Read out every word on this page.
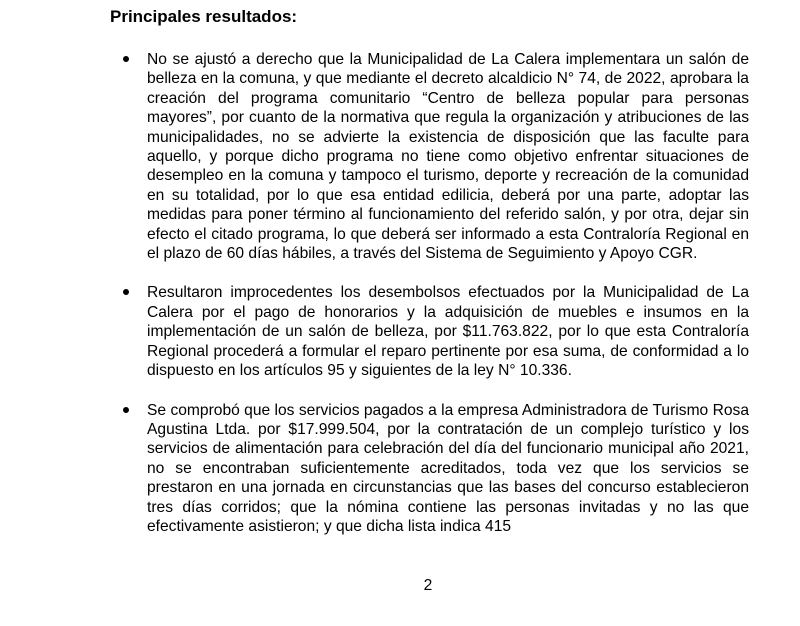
Principales resultados:
No se ajustó a derecho que la Municipalidad de La Calera implementara un salón de belleza en la comuna, y que mediante el decreto alcaldicio N° 74, de 2022, aprobara la creación del programa comunitario “Centro de belleza popular para personas mayores”, por cuanto de la normativa que regula la organización y atribuciones de las municipalidades, no se advierte la existencia de disposición que las faculte para aquello, y porque dicho programa no tiene como objetivo enfrentar situaciones de desempleo en la comuna y tampoco el turismo, deporte y recreación de la comunidad en su totalidad, por lo que esa entidad edilicia, deberá por una parte, adoptar las medidas para poner término al funcionamiento del referido salón, y por otra, dejar sin efecto el citado programa, lo que deberá ser informado a esta Contraloría Regional en el plazo de 60 días hábiles, a través del Sistema de Seguimiento y Apoyo CGR.
Resultaron improcedentes los desembolsos efectuados por la Municipalidad de La Calera por el pago de honorarios y la adquisición de muebles e insumos en la implementación de un salón de belleza, por $11.763.822, por lo que esta Contraloría Regional procederá a formular el reparo pertinente por esa suma, de conformidad a lo dispuesto en los artículos 95 y siguientes de la ley N° 10.336.
Se comprobó que los servicios pagados a la empresa Administradora de Turismo Rosa Agustina Ltda. por $17.999.504, por la contratación de un complejo turístico y los servicios de alimentación para celebración del día del funcionario municipal año 2021, no se encontraban suficientemente acreditados, toda vez que los servicios se prestaron en una jornada en circunstancias que las bases del concurso establecieron tres días corridos; que la nómina contiene las personas invitadas y no las que efectivamente asistieron; y que dicha lista indica 415
2
